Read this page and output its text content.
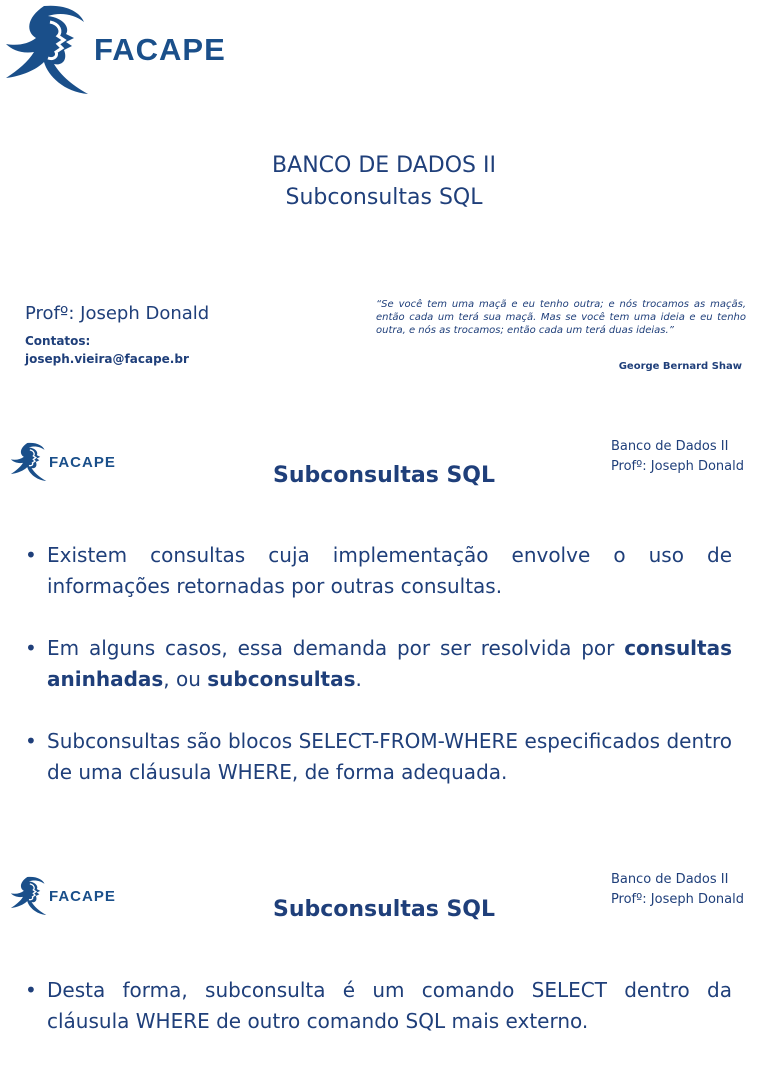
FACAPE
BANCO DE DADOS II
Subconsultas SQL
Profº: Joseph Donald
Contatos:
joseph.vieira@facape.br
“Se você tem uma maçã e eu tenho outra; e nós trocamos as maçãs, então cada um terá sua maçã. Mas se você tem uma ideia e eu tenho outra, e nós as trocamos; então cada um terá duas ideias.”
George Bernard Shaw
FACAPE
Banco de Dados II
Profº: Joseph Donald
Subconsultas SQL
• Existem consultas cuja implementação envolve o uso de informações retornadas por outras consultas.
• Em alguns casos, essa demanda por ser resolvida por consultas aninhadas, ou subconsultas.
• Subconsultas são blocos SELECT-FROM-WHERE especificados dentro de uma cláusula WHERE, de forma adequada.
FACAPE
Banco de Dados II
Profº: Joseph Donald
Subconsultas SQL
• Desta forma, subconsulta é um comando SELECT dentro da cláusula WHERE de outro comando SQL mais externo.
